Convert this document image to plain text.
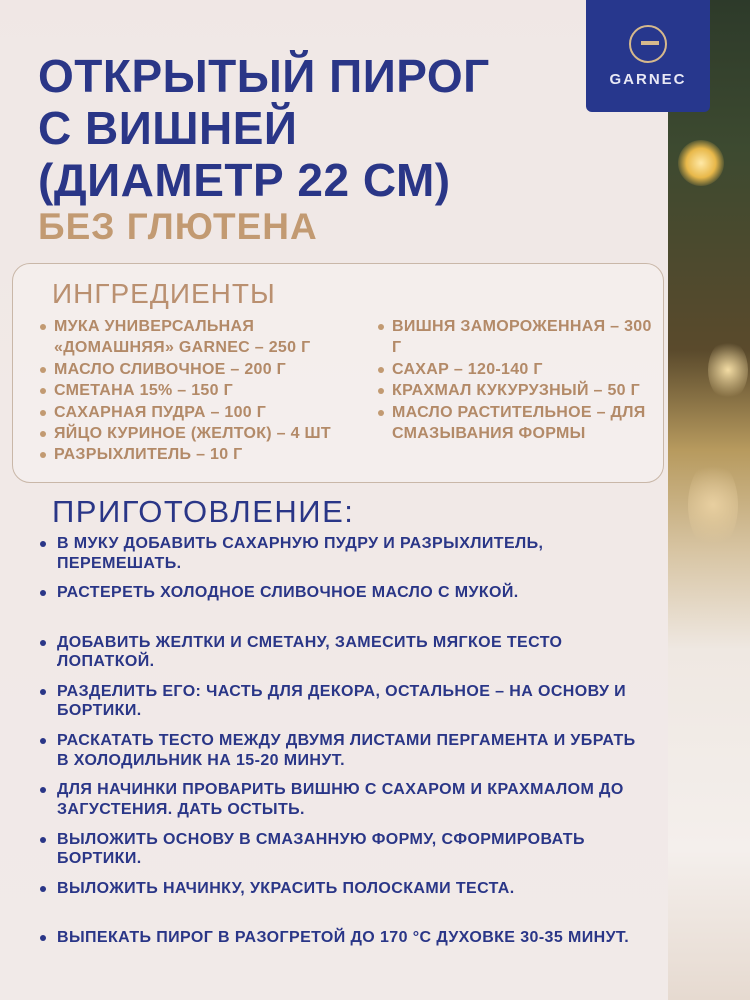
GARNEC
ОТКРЫТЫЙ ПИРОГ
С ВИШНЕЙ
(ДИАМЕТР 22 СМ)
БЕЗ ГЛЮТЕНА
ИНГРЕДИЕНТЫ
МУКА УНИВЕРСАЛЬНАЯ «ДОМАШНЯЯ» GARNEC – 250 Г
МАСЛО СЛИВОЧНОЕ – 200 Г
СМЕТАНА 15% – 150 Г
САХАРНАЯ ПУДРА – 100 Г
ЯЙЦО КУРИНОЕ (ЖЕЛТОК) – 4 ШТ
РАЗРЫХЛИТЕЛЬ – 10 Г
ВИШНЯ ЗАМОРОЖЕННАЯ – 300 Г
САХАР – 120-140 Г
КРАХМАЛ КУКУРУЗНЫЙ – 50 Г
МАСЛО РАСТИТЕЛЬНОЕ – ДЛЯ СМАЗЫВАНИЯ ФОРМЫ
ПРИГОТОВЛЕНИЕ:
В МУКУ ДОБАВИТЬ САХАРНУЮ ПУДРУ И РАЗРЫХЛИТЕЛЬ, ПЕРЕМЕШАТЬ.
РАСТЕРЕТЬ ХОЛОДНОЕ СЛИВОЧНОЕ МАСЛО С МУКОЙ.
ДОБАВИТЬ ЖЕЛТКИ И СМЕТАНУ, ЗАМЕСИТЬ МЯГКОЕ ТЕСТО ЛОПАТКОЙ.
РАЗДЕЛИТЬ ЕГО: ЧАСТЬ ДЛЯ ДЕКОРА, ОСТАЛЬНОЕ – НА ОСНОВУ И БОРТИКИ.
РАСКАТАТЬ ТЕСТО МЕЖДУ ДВУМЯ ЛИСТАМИ ПЕРГАМЕНТА И УБРАТЬ В ХОЛОДИЛЬНИК НА 15-20 МИНУТ.
ДЛЯ НАЧИНКИ ПРОВАРИТЬ ВИШНЮ С САХАРОМ И КРАХМАЛОМ ДО ЗАГУСТЕНИЯ. ДАТЬ ОСТЫТЬ.
ВЫЛОЖИТЬ ОСНОВУ В СМАЗАННУЮ ФОРМУ, СФОРМИРОВАТЬ БОРТИКИ.
ВЫЛОЖИТЬ НАЧИНКУ, УКРАСИТЬ ПОЛОСКАМИ ТЕСТА.
ВЫПЕКАТЬ ПИРОГ В РАЗОГРЕТОЙ ДО 170 °С ДУХОВКЕ 30-35 МИНУТ.
